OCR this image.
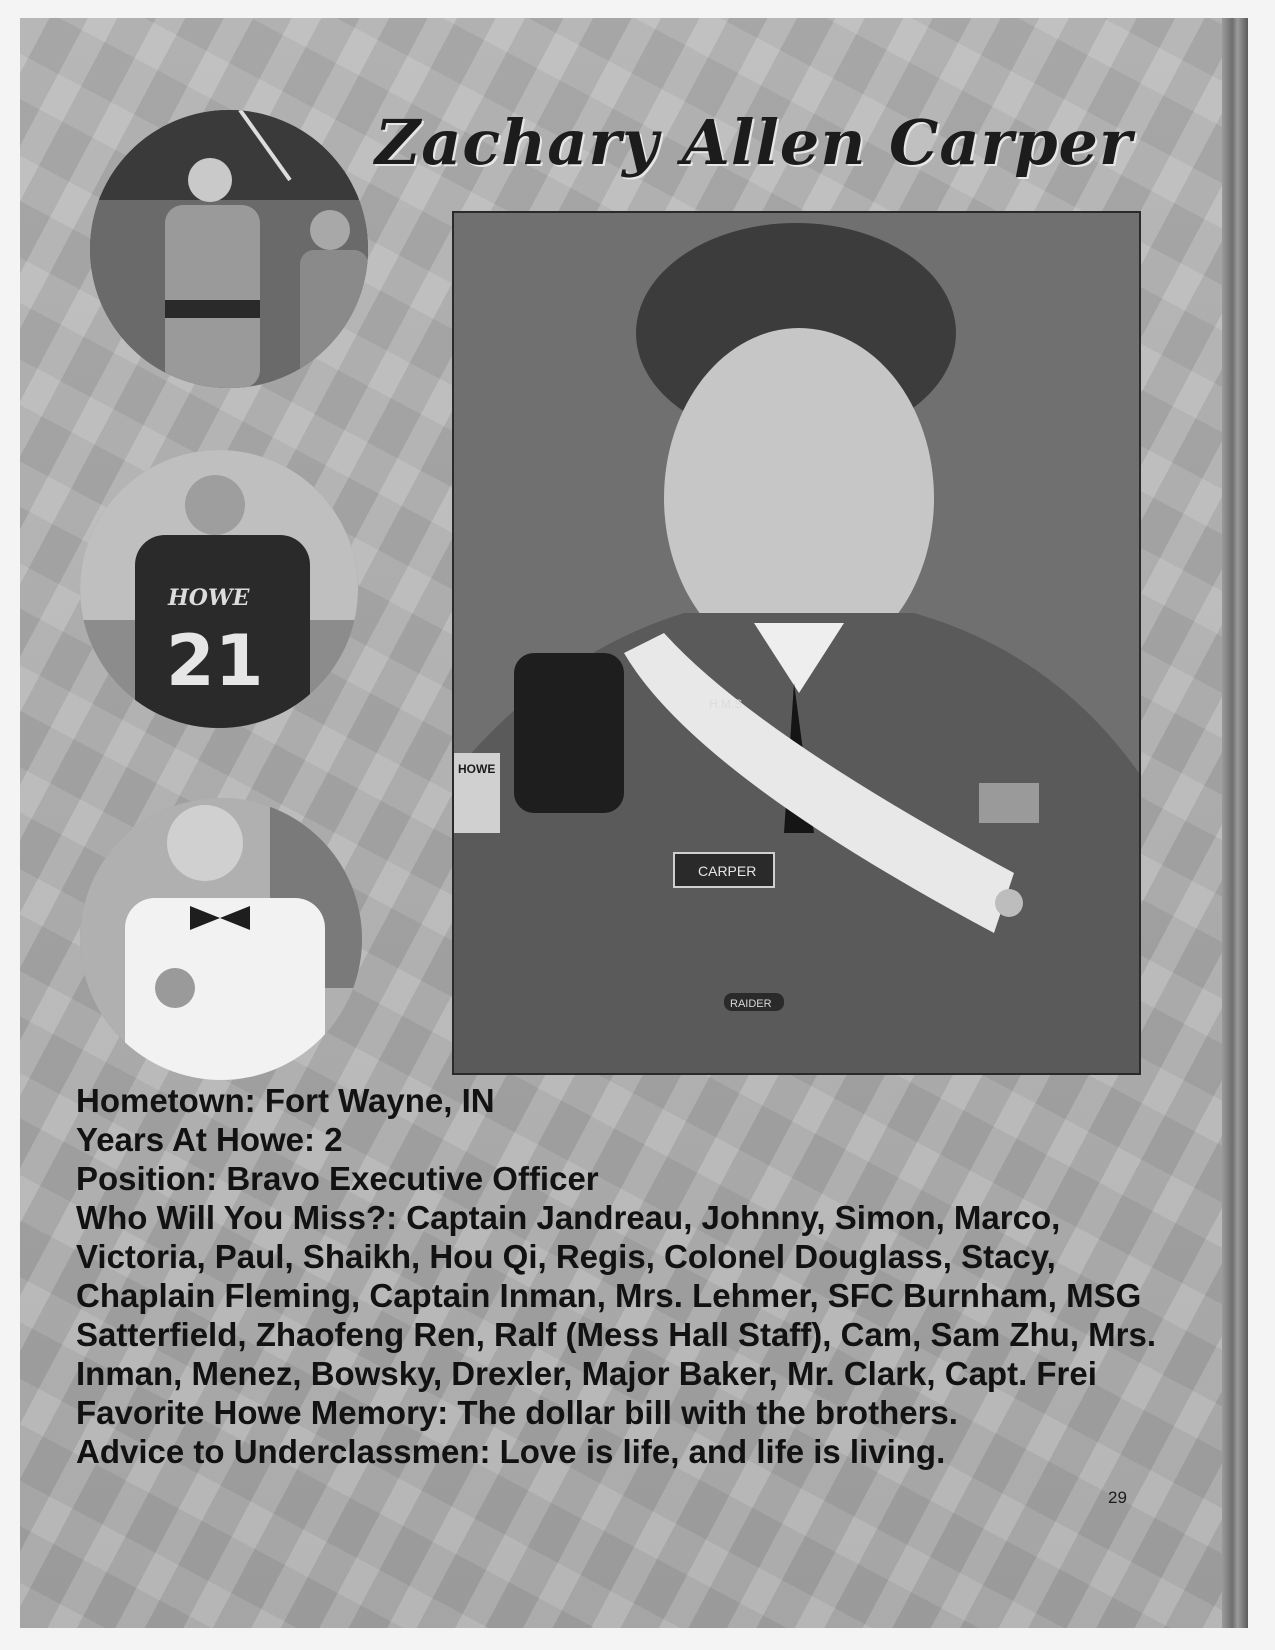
Zachary Allen Carper
HOWE
21
HOWE
H.M.S.
CARPER
RAIDER

Hometown: Fort Wayne, IN

Years At Howe: 2

Position: Bravo Executive Officer

Who Will You Miss?: Captain Jandreau, Johnny, Simon, Marco, Victoria, Paul, Shaikh, Hou Qi, Regis, Colonel Douglass, Stacy, Chaplain Fleming, Captain Inman, Mrs. Lehmer, SFC Burnham, MSG Satterfield, Zhaofeng Ren, Ralf (Mess Hall Staff), Cam, Sam Zhu, Mrs. Inman, Menez, Bowsky, Drexler, Major Baker, Mr. Clark, Capt. Frei

Favorite Howe Memory: The dollar bill with the brothers.

Advice to Underclassmen: Love is life, and life is living.

29
